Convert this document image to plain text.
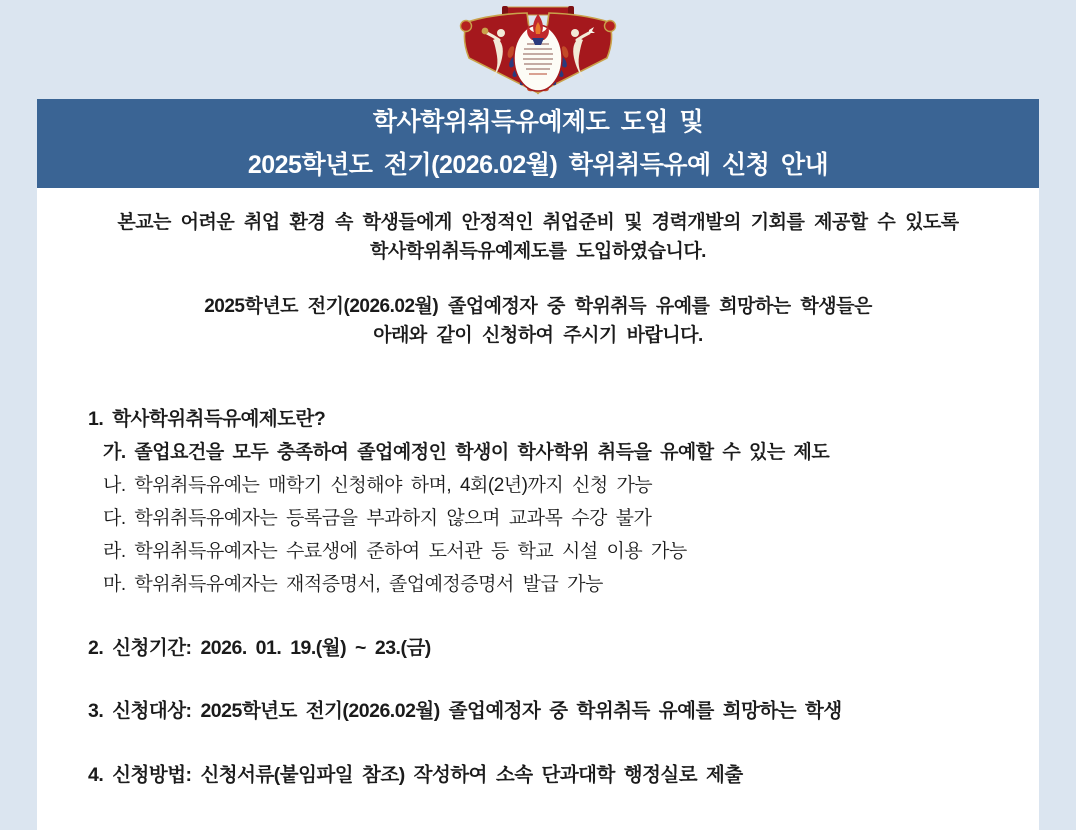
학사학위취득유예제도 도입 및
2025학년도 전기(2026.02월) 학위취득유예 신청 안내

본교는 어려운 취업 환경 속 학생들에게 안정적인 취업준비 및 경력개발의 기회를 제공할 수 있도록
학사학위취득유예제도를 도입하였습니다.

2025학년도 전기(2026.02월) 졸업예정자 중 학위취득 유예를 희망하는 학생들은
아래와 같이 신청하여 주시기 바랍니다.

1. 학사학위취득유예제도란?
가. 졸업요건을 모두 충족하여 졸업예정인 학생이 학사학위 취득을 유예할 수 있는 제도
나. 학위취득유예는 매학기 신청해야 하며, 4회(2년)까지 신청 가능
다. 학위취득유예자는 등록금을 부과하지 않으며 교과목 수강 불가
라. 학위취득유예자는 수료생에 준하여 도서관 등 학교 시설 이용 가능
마. 학위취득유예자는 재적증명서, 졸업예정증명서 발급 가능
2. 신청기간: 2026. 01. 19.(월) ~ 23.(금)
3. 신청대상: 2025학년도 전기(2026.02월) 졸업예정자 중 학위취득 유예를 희망하는 학생
4. 신청방법: 신청서류(붙임파일 참조) 작성하여 소속 단과대학 행정실로 제출
